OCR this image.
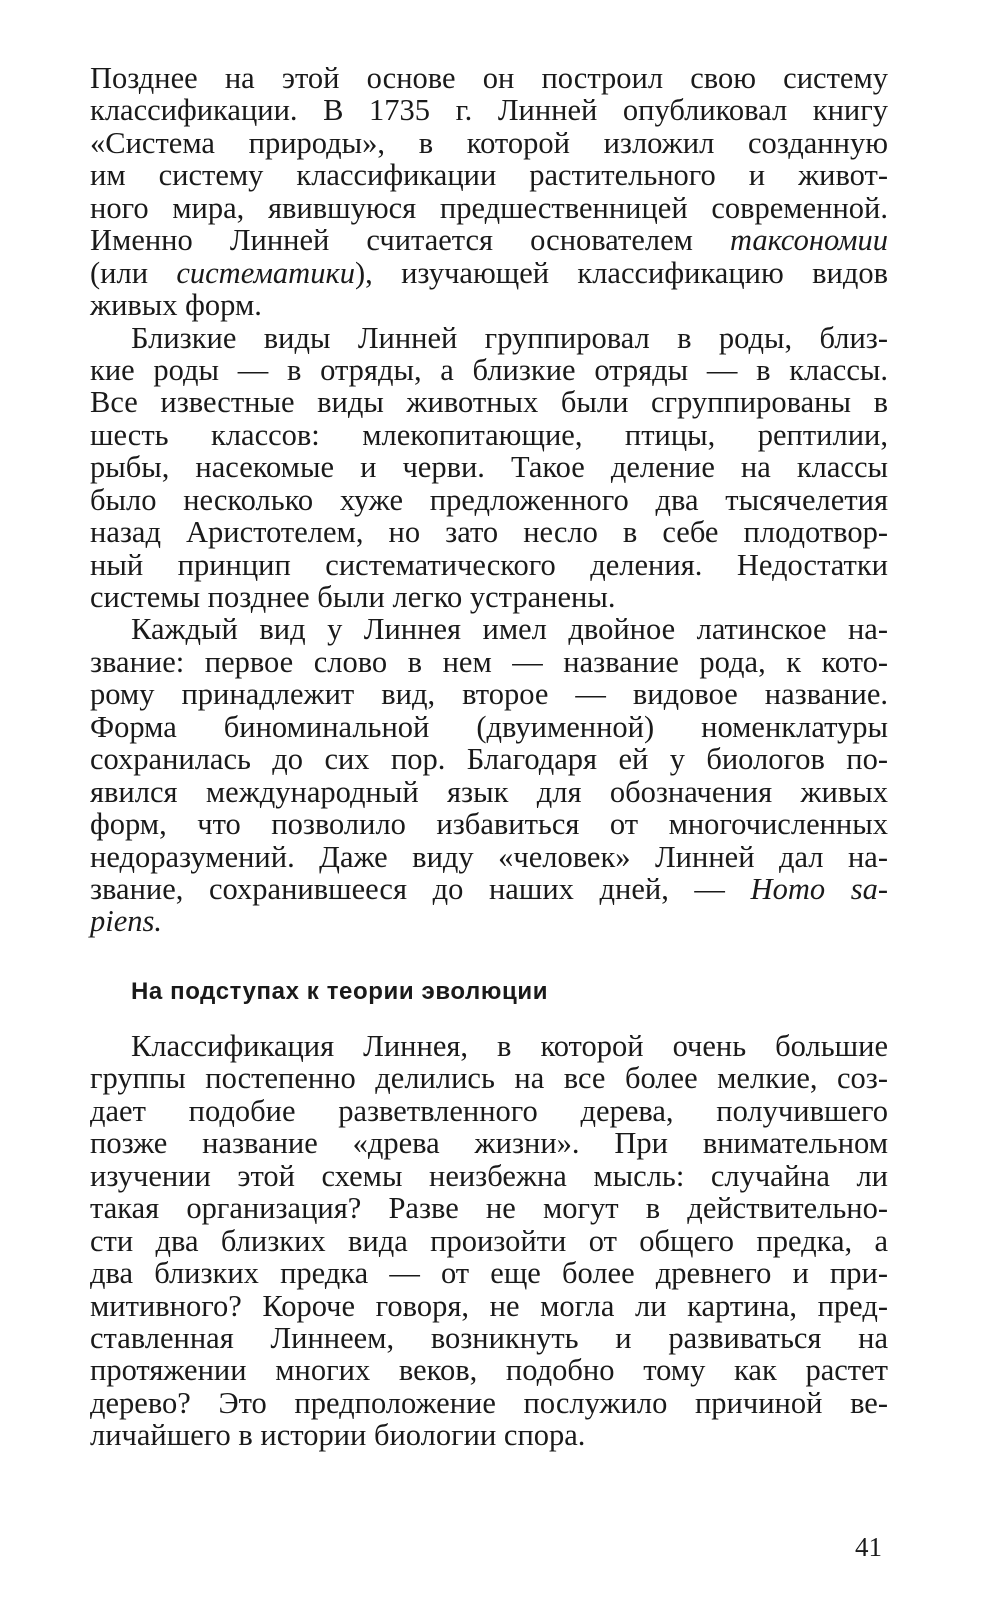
Позднее на этой основе он построил свою систему
классификации. В 1735 г. Линней опубликовал книгу
«Система природы», в которой изложил созданную
им систему классификации растительного и живот-
ного мира, явившуюся предшественницей современной.
Именно Линней считается основателем таксономии
(или систематики), изучающей классификацию видов
живых форм.
Близкие виды Линней группировал в роды, близ-
кие роды — в отряды, а близкие отряды — в классы.
Все известные виды животных были сгруппированы в
шесть классов: млекопитающие, птицы, рептилии,
рыбы, насекомые и черви. Такое деление на классы
было несколько хуже предложенного два тысячелетия
назад Аристотелем, но зато несло в себе плодотвор-
ный принцип систематического деления. Недостатки
системы позднее были легко устранены.
Каждый вид у Линнея имел двойное латинское на-
звание: первое слово в нем — название рода, к кото-
рому принадлежит вид, второе — видовое название.
Форма биноминальной (двуименной) номенклатуры
сохранилась до сих пор. Благодаря ей у биологов по-
явился международный язык для обозначения живых
форм, что позволило избавиться от многочисленных
недоразумений. Даже виду «человек» Линней дал на-
звание, сохранившееся до наших дней, — Homo sa-
piens.
На подступах к теории эволюции
Классификация Линнея, в которой очень большие
группы постепенно делились на все более мелкие, соз-
дает подобие разветвленного дерева, получившего
позже название «древа жизни». При внимательном
изучении этой схемы неизбежна мысль: случайна ли
такая организация? Разве не могут в действительно-
сти два близких вида произойти от общего предка, а
два близких предка — от еще более древнего и при-
митивного? Короче говоря, не могла ли картина, пред-
ставленная Линнеем, возникнуть и развиваться на
протяжении многих веков, подобно тому как растет
дерево? Это предположение послужило причиной ве-
личайшего в истории биологии спора.
41
